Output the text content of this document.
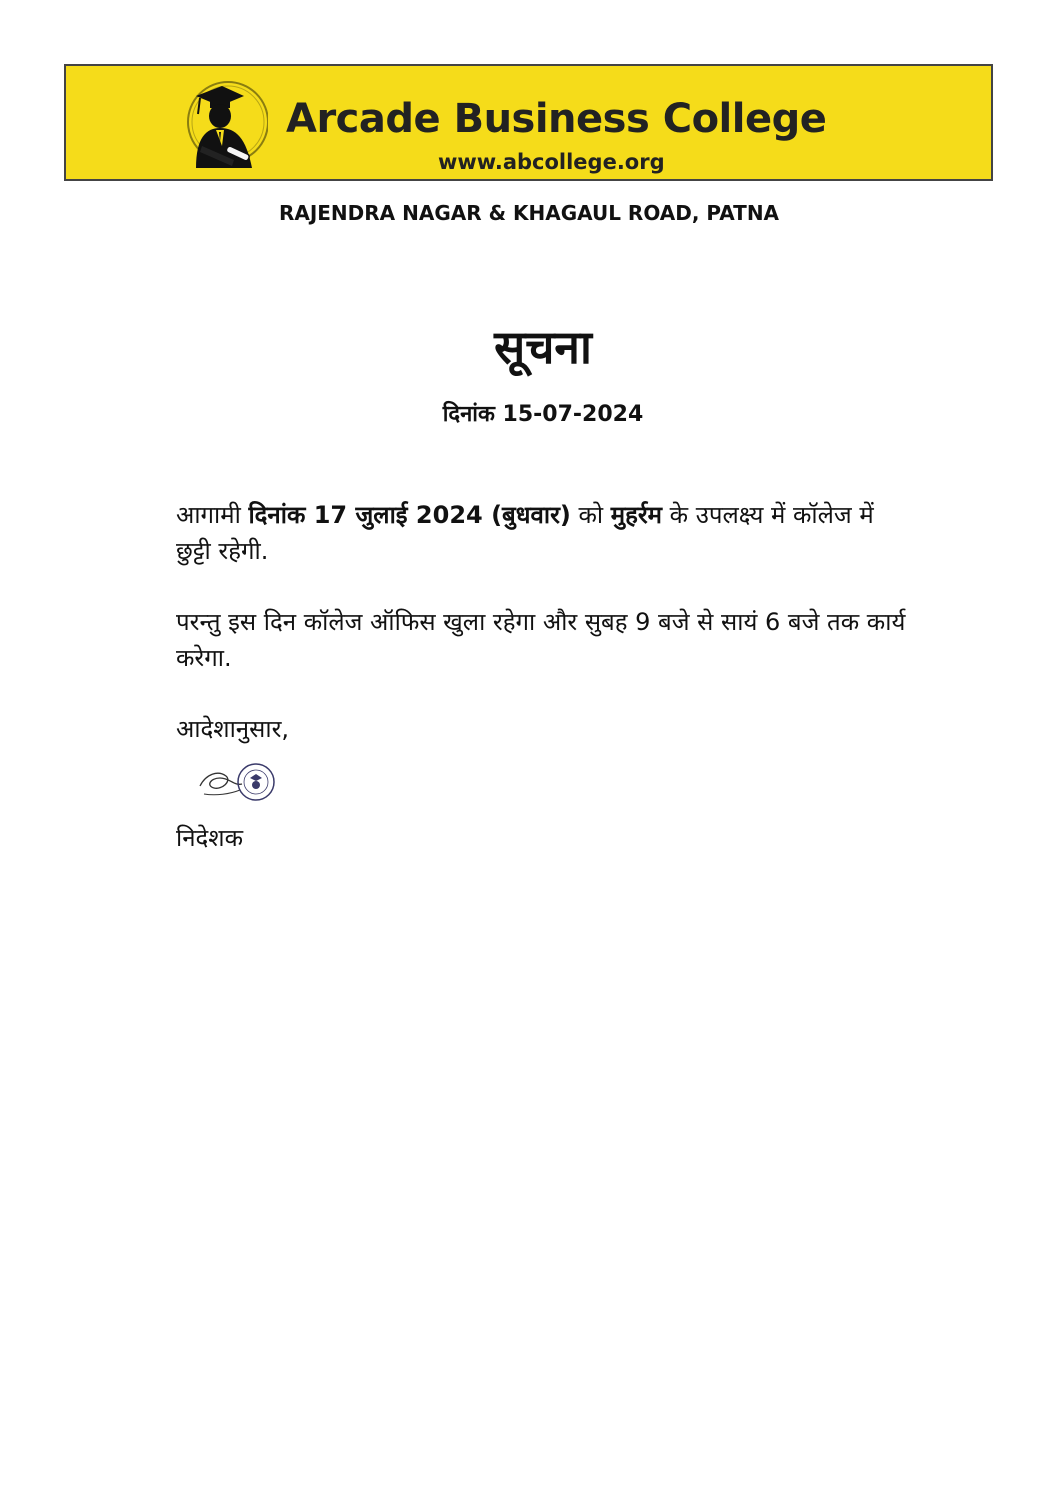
Arcade Business College
www.abcollege.org
RAJENDRA NAGAR & KHAGAUL ROAD, PATNA
सूचना
दिनांक 15-07-2024

आगामी दिनांक 17 जुलाई 2024 (बुधवार) को मुहर्रम के उपलक्ष्य में कॉलेज में छुट्टी रहेगी.

परन्तु इस दिन कॉलेज ऑफिस खुला रहेगा और सुबह 9 बजे से सायं 6 बजे तक कार्य करेगा.

आदेशानुसार,
निदेशक
